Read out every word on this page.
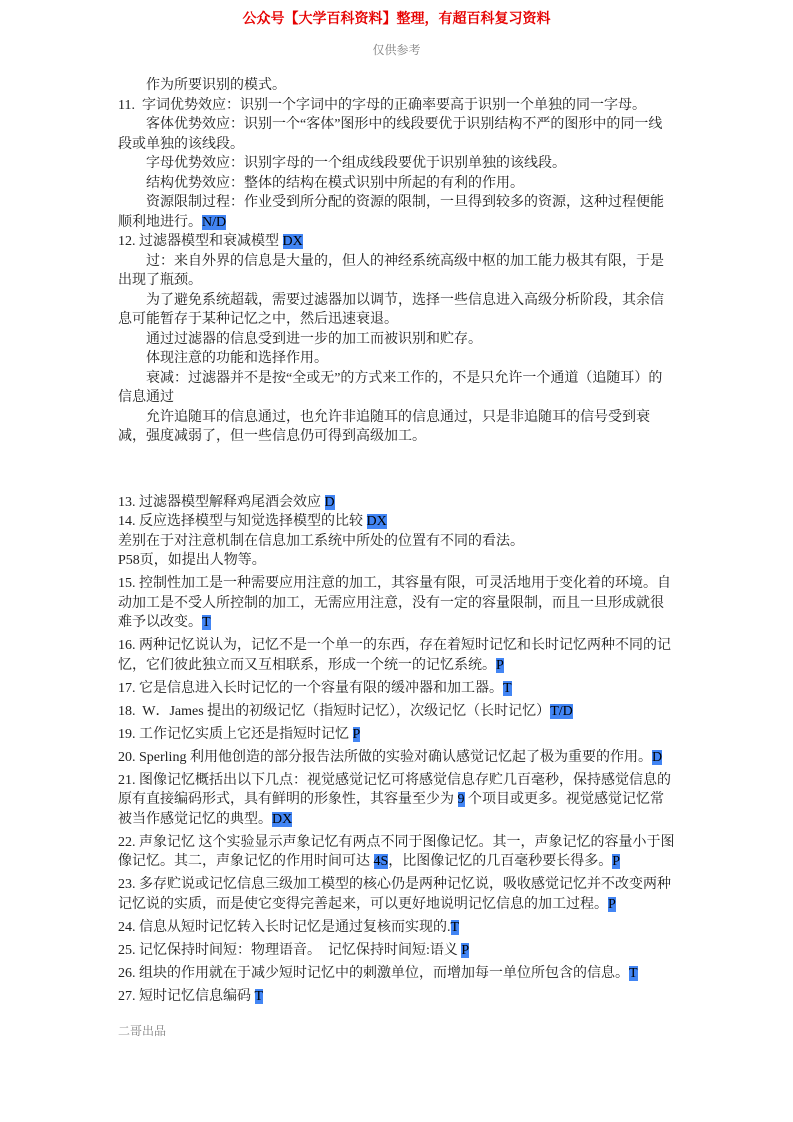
公众号【大学百科资料】整理，有超百科复习资料
仅供参考

作为所要识别的模式。

11.  字词优势效应：识别一个字词中的字母的正确率要高于识别一个单独的同一字母。

客体优势效应：识别一个“客体”图形中的线段要优于识别结构不严的图形中的同一线段或单独的该线段。

字母优势效应：识别字母的一个组成线段要优于识别单独的该线段。

结构优势效应：整体的结构在模式识别中所起的有利的作用。

资源限制过程：作业受到所分配的资源的限制，一旦得到较多的资源，这种过程便能顺利地进行。N/D

12. 过滤器模型和衰减模型 DX

过：来自外界的信息是大量的，但人的神经系统高级中枢的加工能力极其有限，于是出现了瓶颈。

为了避免系统超载，需要过滤器加以调节，选择一些信息进入高级分析阶段，其余信息可能暂存于某种记忆之中，然后迅速衰退。

通过过滤器的信息受到进一步的加工而被识别和贮存。

体现注意的功能和选择作用。

衰减：过滤器并不是按“全或无”的方式来工作的，不是只允许一个通道（追随耳）的信息通过

允许追随耳的信息通过，也允许非追随耳的信息通过，只是非追随耳的信号受到衰减，强度减弱了，但一些信息仍可得到高级加工。

13. 过滤器模型解释鸡尾酒会效应 D

14. 反应选择模型与知觉选择模型的比较 DX

差别在于对注意机制在信息加工系统中所处的位置有不同的看法。

P58页，如提出人物等。

15. 控制性加工是一种需要应用注意的加工，其容量有限，可灵活地用于变化着的环境。自动加工是不受人所控制的加工，无需应用注意，没有一定的容量限制，而且一旦形成就很难予以改变。T

16. 两种记忆说认为，记忆不是一个单一的东西，存在着短时记忆和长时记忆两种不同的记忆，它们彼此独立而又互相联系，形成一个统一的记忆系统。P

17. 它是信息进入长时记忆的一个容量有限的缓冲器和加工器。T

18.  W．James 提出的初级记忆（指短时记忆），次级记忆（长时记忆）T/D

19. 工作记忆实质上它还是指短时记忆 P

20. Sperling 利用他创造的部分报告法所做的实验对确认感觉记忆起了极为重要的作用。D

21. 图像记忆概括出以下几点：视觉感觉记忆可将感觉信息存贮几百毫秒，保持感觉信息的原有直接编码形式，具有鲜明的形象性，其容量至少为 9 个项目或更多。视觉感觉记忆常被当作感觉记忆的典型。DX

22. 声象记忆 这个实验显示声象记忆有两点不同于图像记忆。其一，声象记忆的容量小于图像记忆。其二，声象记忆的作用时间可达 4S，比图像记忆的几百毫秒要长得多。P

23. 多存贮说或记忆信息三级加工模型的核心仍是两种记忆说，吸收感觉记忆并不改变两种记忆说的实质，而是使它变得完善起来，可以更好地说明记忆信息的加工过程。P

24. 信息从短时记忆转入长时记忆是通过复核而实现的.T

25. 记忆保持时间短：物理语音。  记忆保持时间短:语义 P

26. 组块的作用就在于减少短时记忆中的刺激单位，而增加每一单位所包含的信息。T

27. 短时记忆信息编码 T

二哥出品
